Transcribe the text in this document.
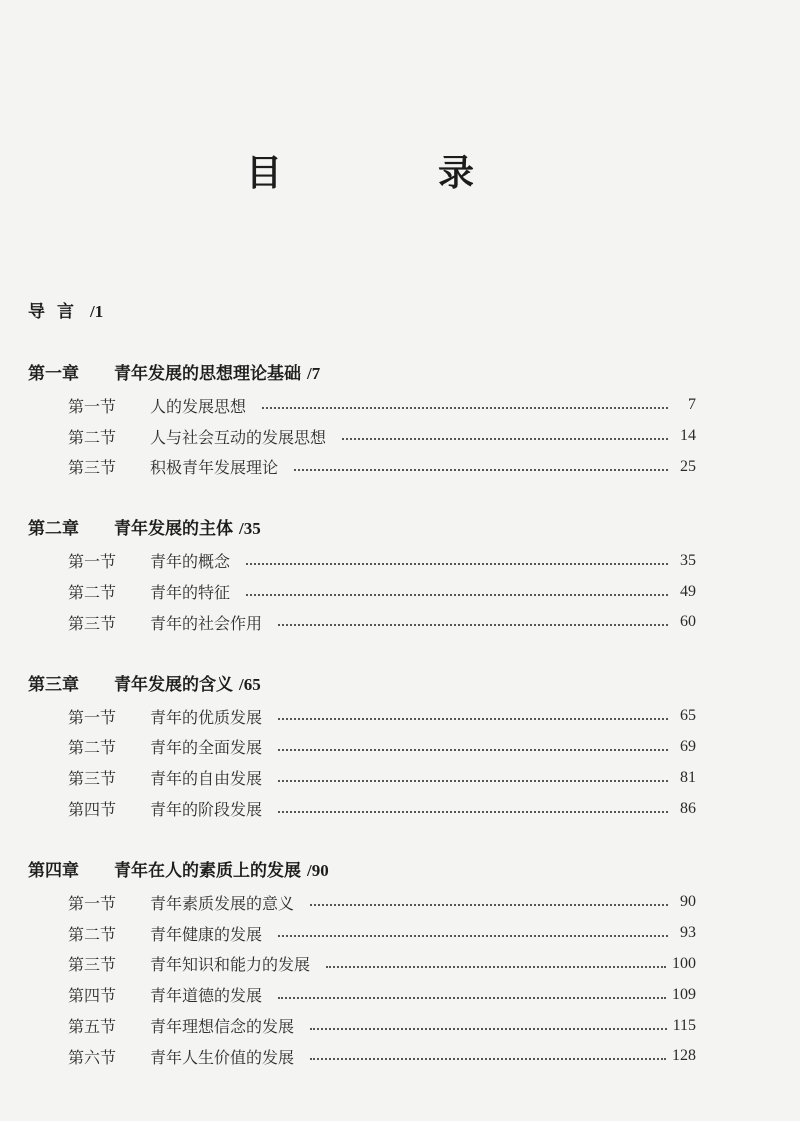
目　录
导言 /1
第一章 青年发展的思想理论基础 /7
第一节	人的发展思想	7
第二节	人与社会互动的发展思想	14
第三节	积极青年发展理论	25
第二章 青年发展的主体 /35
第一节	青年的概念	35
第二节	青年的特征	49
第三节	青年的社会作用	60
第三章 青年发展的含义 /65
第一节	青年的优质发展	65
第二节	青年的全面发展	69
第三节	青年的自由发展	81
第四节	青年的阶段发展	86
第四章 青年在人的素质上的发展 /90
第一节	青年素质发展的意义	90
第二节	青年健康的发展	93
第三节	青年知识和能力的发展	100
第四节	青年道德的发展	109
第五节	青年理想信念的发展	115
第六节	青年人生价值的发展	128
